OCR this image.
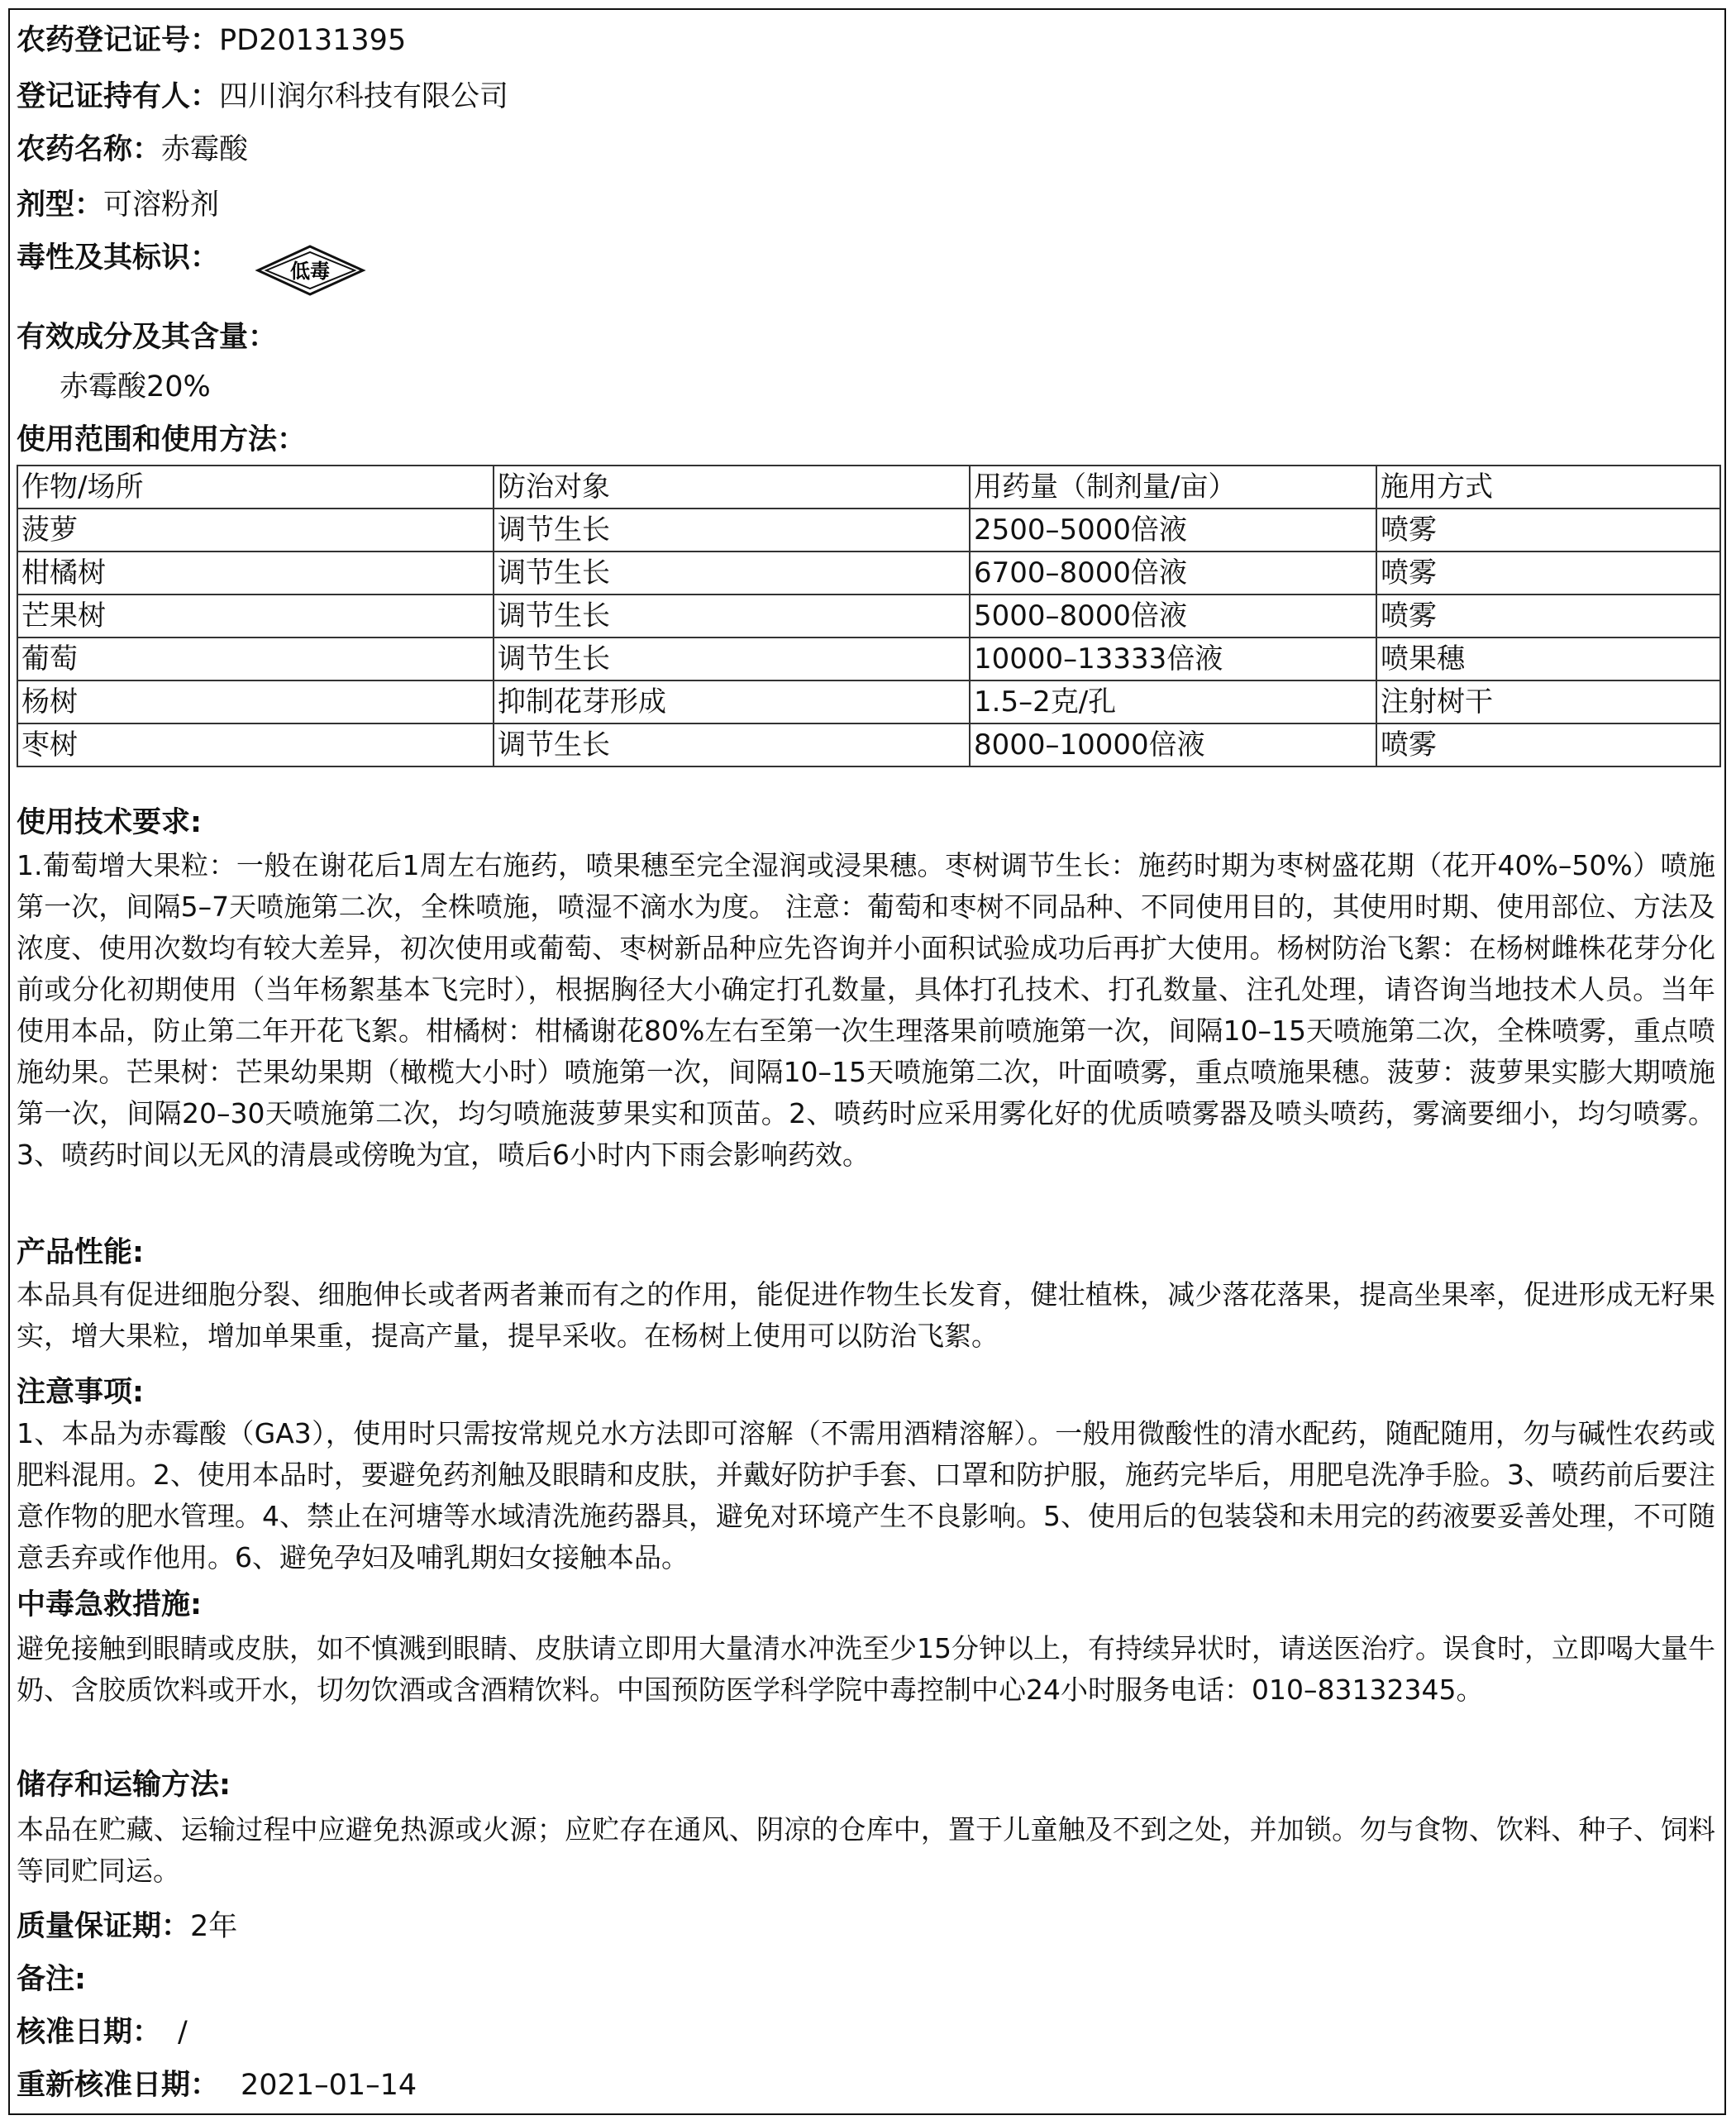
农药登记证号：PD20131395
登记证持有人：四川润尔科技有限公司
农药名称：赤霉酸
剂型：可溶粉剂
毒性及其标识：	低毒
有效成分及其含量：
赤霉酸20%
使用范围和使用方法：
作物/场所	防治对象	用药量（制剂量/亩）	施用方式
菠萝	调节生长	2500–5000倍液	喷雾
柑橘树	调节生长	6700–8000倍液	喷雾
芒果树	调节生长	5000–8000倍液	喷雾
葡萄	调节生长	10000–13333倍液	喷果穗
杨树	抑制花芽形成	1.5–2克/孔	注射树干
枣树	调节生长	8000–10000倍液	喷雾
使用技术要求:
1.葡萄增大果粒：一般在谢花后1周左右施药，喷果穗至完全湿润或浸果穗。枣树调节生长：施药时期为枣树盛花期（花开40%–50%）喷施第一次，间隔5–7天喷施第二次，全株喷施，喷湿不滴水为度。 注意：葡萄和枣树不同品种、不同使用目的，其使用时期、使用部位、方法及浓度、使用次数均有较大差异，初次使用或葡萄、枣树新品种应先咨询并小面积试验成功后再扩大使用。杨树防治飞絮：在杨树雌株花芽分化前或分化初期使用（当年杨絮基本飞完时），根据胸径大小确定打孔数量，具体打孔技术、打孔数量、注孔处理，请咨询当地技术人员。当年使用本品，防止第二年开花飞絮。柑橘树：柑橘谢花80%左右至第一次生理落果前喷施第一次，间隔10–15天喷施第二次，全株喷雾，重点喷施幼果。芒果树：芒果幼果期（橄榄大小时）喷施第一次，间隔10–15天喷施第二次，叶面喷雾，重点喷施果穗。菠萝：菠萝果实膨大期喷施第一次，间隔20–30天喷施第二次，均匀喷施菠萝果实和顶苗。2、喷药时应采用雾化好的优质喷雾器及喷头喷药，雾滴要细小，均匀喷雾。3、喷药时间以无风的清晨或傍晚为宜，喷后6小时内下雨会影响药效。
产品性能:
本品具有促进细胞分裂、细胞伸长或者两者兼而有之的作用，能促进作物生长发育，健壮植株，减少落花落果，提高坐果率，促进形成无籽果实，增大果粒，增加单果重，提高产量，提早采收。在杨树上使用可以防治飞絮。
注意事项:
1、本品为赤霉酸（GA3），使用时只需按常规兑水方法即可溶解（不需用酒精溶解）。一般用微酸性的清水配药，随配随用，勿与碱性农药或肥料混用。2、使用本品时，要避免药剂触及眼睛和皮肤，并戴好防护手套、口罩和防护服，施药完毕后，用肥皂洗净手脸。3、喷药前后要注意作物的肥水管理。4、禁止在河塘等水域清洗施药器具，避免对环境产生不良影响。5、使用后的包装袋和未用完的药液要妥善处理，不可随意丢弃或作他用。6、避免孕妇及哺乳期妇女接触本品。
中毒急救措施:
避免接触到眼睛或皮肤，如不慎溅到眼睛、皮肤请立即用大量清水冲洗至少15分钟以上，有持续异状时，请送医治疗。误食时，立即喝大量牛奶、含胶质饮料或开水，切勿饮酒或含酒精饮料。中国预防医学科学院中毒控制中心24小时服务电话：010–83132345。
储存和运输方法:
本品在贮藏、运输过程中应避免热源或火源；应贮存在通风、阴凉的仓库中，置于儿童触及不到之处，并加锁。勿与食物、饮料、种子、饲料等同贮同运。
质量保证期：2年
备注:
核准日期： /
重新核准日期： 2021–01–14
